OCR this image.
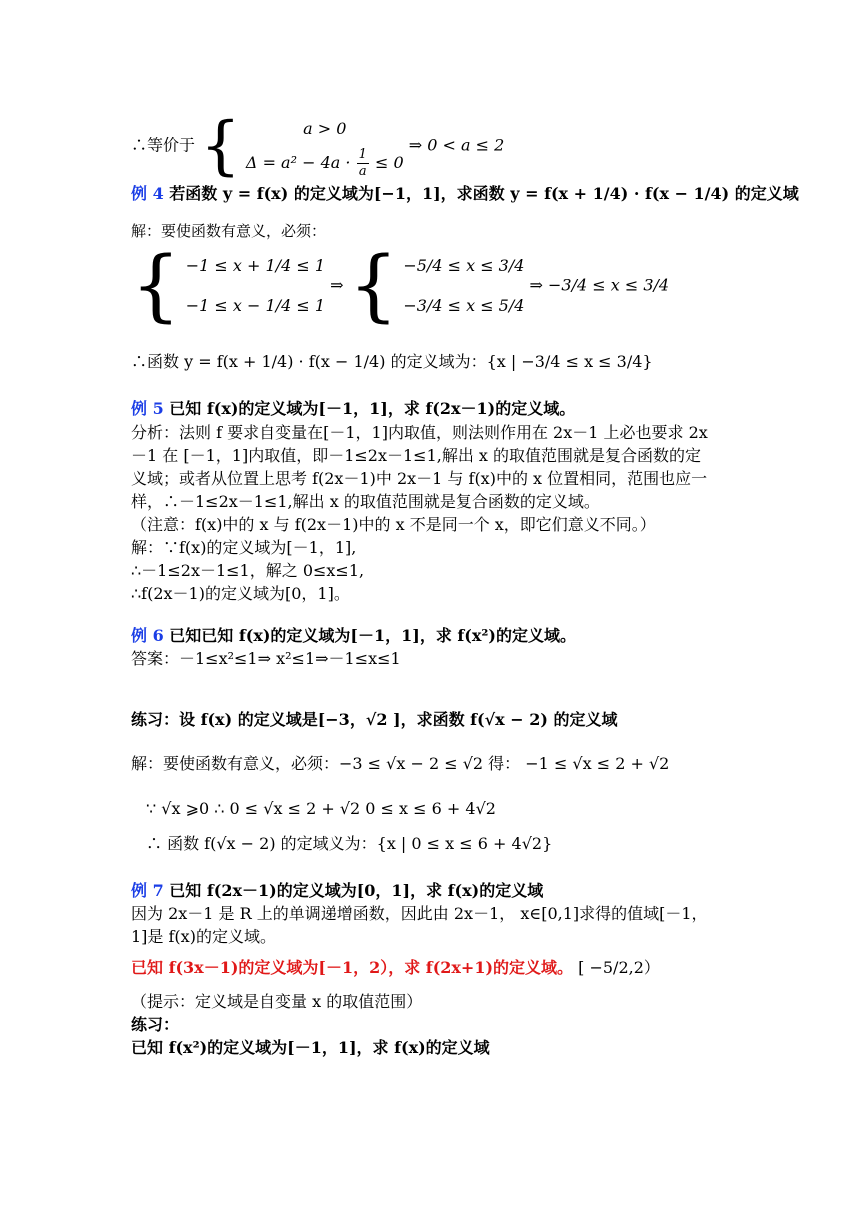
∴等价于 {	a > 0
$\Delta = a^2 - 4a \cdot \frac{1}{a} \le 0$
⇒ 0 < a ≤ 2
例 4 若函数 y = f(x) 的定义域为[−1，1]，求函数 y = f(x + 1/4) · f(x − 1/4) 的定义域
解：要使函数有意义，必须：
{ −1 ≤ x + 1/4 ≤ 1
−1 ≤ x − 1/4 ≤ 1
⇒ { −5/4 ≤ x ≤ 3/4
−3/4 ≤ x ≤ 5/4
⇒ −3/4 ≤ x ≤ 3/4
∴函数 y = f(x + 1/4) · f(x − 1/4) 的定义域为：{x | −3/4 ≤ x ≤ 3/4}
例 5 已知 f(x)的定义域为[－1，1]，求 f(2x－1)的定义域。
分析：法则 f 要求自变量在[－1，1]内取值，则法则作用在 2x－1 上必也要求 2x
－1 在 [－1，1]内取值，即－1≤2x－1≤1,解出 x 的取值范围就是复合函数的定
义域；或者从位置上思考 f(2x－1)中 2x－1 与 f(x)中的 x 位置相同，范围也应一
样，∴－1≤2x－1≤1,解出 x 的取值范围就是复合函数的定义域。
（注意：f(x)中的 x 与 f(2x－1)中的 x 不是同一个 x，即它们意义不同。）
解：∵f(x)的定义域为[－1，1],
∴－1≤2x－1≤1，解之 0≤x≤1,
∴f(2x－1)的定义域为[0，1]。
例 6 已知已知 f(x)的定义域为[－1，1]，求 f(x²)的定义域。
答案：－1≤x²≤1⇒ x²≤1⇒－1≤x≤1
练习：设 f(x) 的定义域是[−3，√2 ]，求函数 f(√x − 2) 的定义域
解：要使函数有意义，必须：−3 ≤ √x − 2 ≤ √2 得： −1 ≤ √x ≤ 2 + √2
∵ √x ⩾0 ∴ 0 ≤ √x ≤ 2 + √2 0 ≤ x ≤ 6 + 4√2
∴ 函数 f(√x − 2) 的定域义为：{x | 0 ≤ x ≤ 6 + 4√2}
例 7 已知 f(2x－1)的定义域为[0，1]，求 f(x)的定义域
因为 2x－1 是 R 上的单调递增函数，因此由 2x－1， x∈[0,1]求得的值域[－1，
1]是 f(x)的定义域。
已知 f(3x－1)的定义域为[－1，2），求 f(2x+1)的定义域。 [ −5/2,2）
（提示：定义域是自变量 x 的取值范围）
练习：
已知 f(x²)的定义域为[－1，1]，求 f(x)的定义域
